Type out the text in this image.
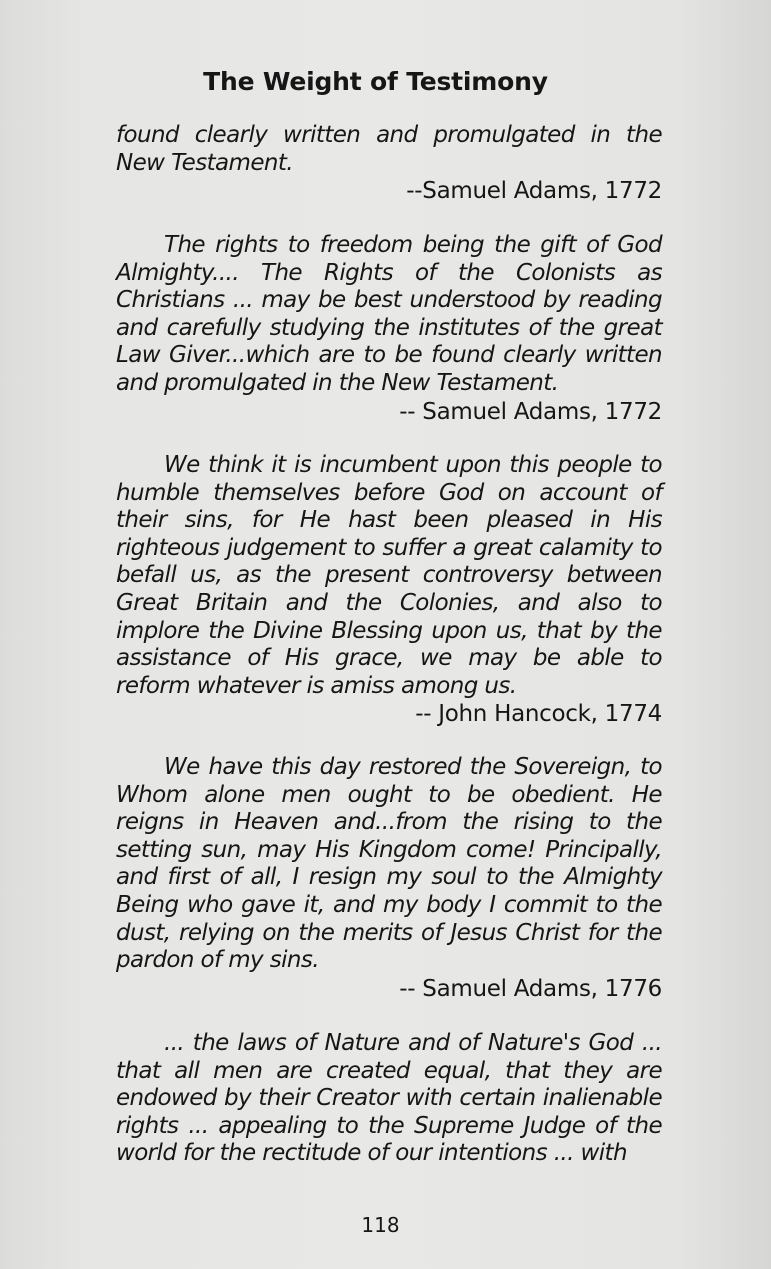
The Weight of Testimony

found clearly written and promulgated in the New Testament.

--Samuel Adams, 1772

The rights to freedom being the gift of God Almighty.... The Rights of the Colonists as Christians ... may be best understood by reading and carefully studying the institutes of the great Law Giver...which are to be found clearly written and promulgated in the New Testament.

-- Samuel Adams, 1772

We think it is incumbent upon this people to humble themselves before God on account of their sins, for He hast been pleased in His righteous judgement to suffer a great calamity to befall us, as the present controversy between Great Britain and the Colonies, and also to implore the Divine Blessing upon us, that by the assistance of His grace, we may be able to reform whatever is amiss among us.

-- John Hancock, 1774

We have this day restored the Sovereign, to Whom alone men ought to be obedient. He reigns in Heaven and...from the rising to the setting sun, may His Kingdom come! Principally, and first of all, I resign my soul to the Almighty Being who gave it, and my body I commit to the dust, relying on the merits of Jesus Christ for the pardon of my sins.

-- Samuel Adams, 1776

... the laws of Nature and of Nature's God ... that all men are created equal, that they are endowed by their Creator with certain inalienable rights ... appealing to the Supreme Judge of the world for the rectitude of our intentions ... with

118
